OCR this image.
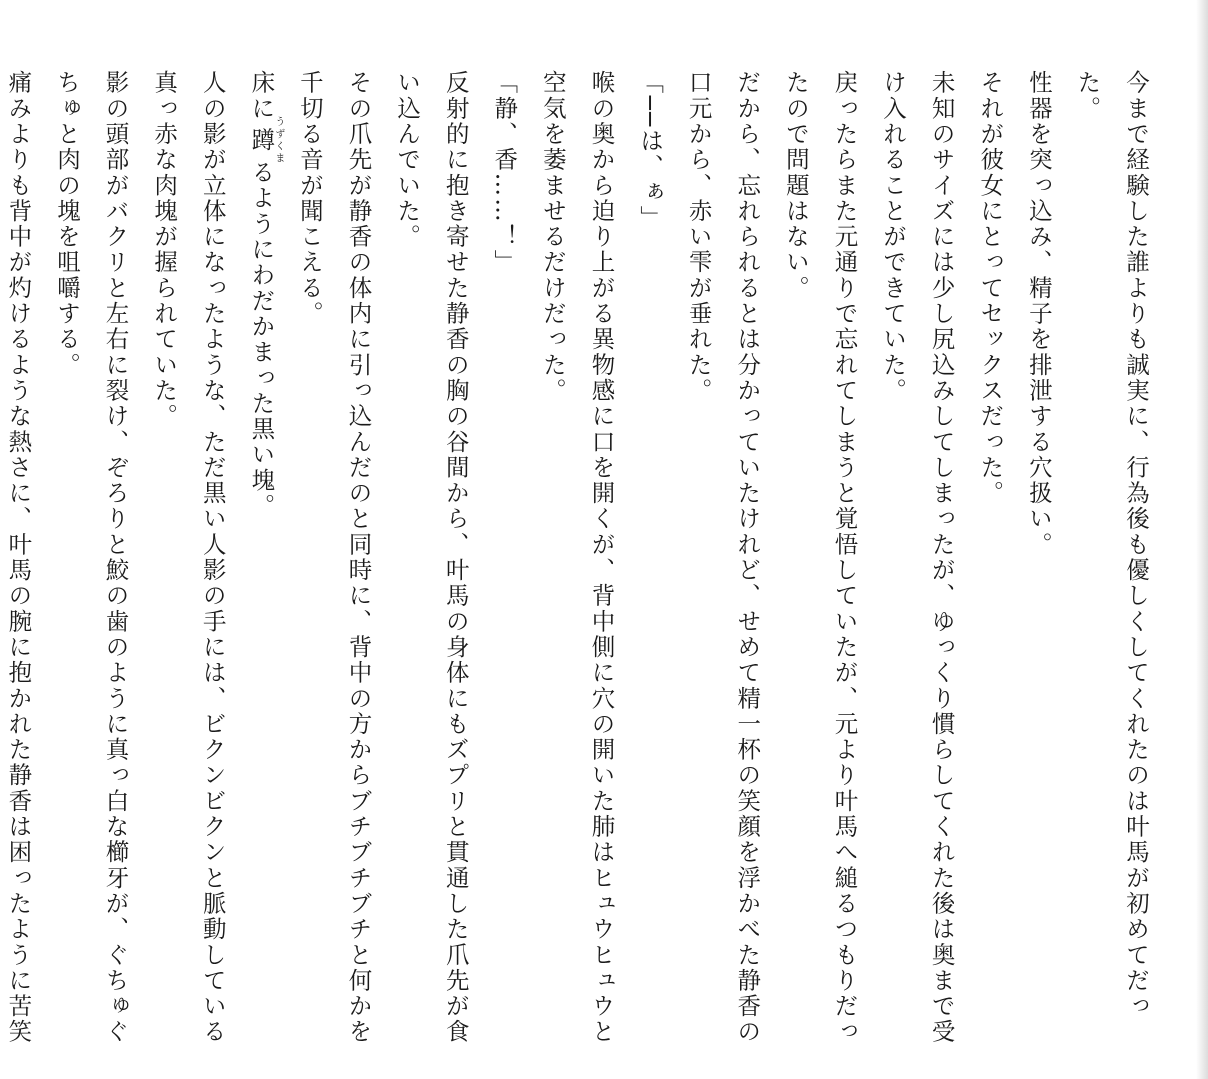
今まで経験した誰よりも誠実に、行為後も優しくしてくれたのは叶馬が初めてだった。

性器を突っ込み、精子を排泄する穴扱い。

それが彼女にとってセックスだった。

未知のサイズには少し尻込みしてしまったが、ゆっくり慣らしてくれた後は奥まで受け入れることができていた。

戻ったらまた元通りで忘れてしまうと覚悟していたが、元より叶馬へ縋るつもりだったので問題はない。

だから、忘れられるとは分かっていたけれど、せめて精一杯の笑顔を浮かべた静香の口元から、赤い雫が垂れた。

「──は、ぁ」

喉の奥から迫り上がる異物感に口を開くが、背中側に穴の開いた肺はヒュウヒュウと空気を萎ませるだけだった。

「静、香……！」

反射的に抱き寄せた静香の胸の谷間から、叶馬の身体にもズプリと貫通した爪先が食い込んでいた。

その爪先が静香の体内に引っ込んだのと同時に、背中の方からブチブチブチと何かを千切る音が聞こえる。

床に蹲うずくまるようにわだかまった黒い塊。

人の影が立体になったような、ただ黒い人影の手には、ビクンビクンと脈動している真っ赤な肉塊が握られていた。

影の頭部がバクリと左右に裂け、ぞろりと鮫の歯のように真っ白な櫛牙が、ぐちゅぐちゅと肉の塊を咀嚼する。

痛みよりも背中が灼けるような熱さに、叶馬の腕に抱かれた静香は困ったように苦笑
